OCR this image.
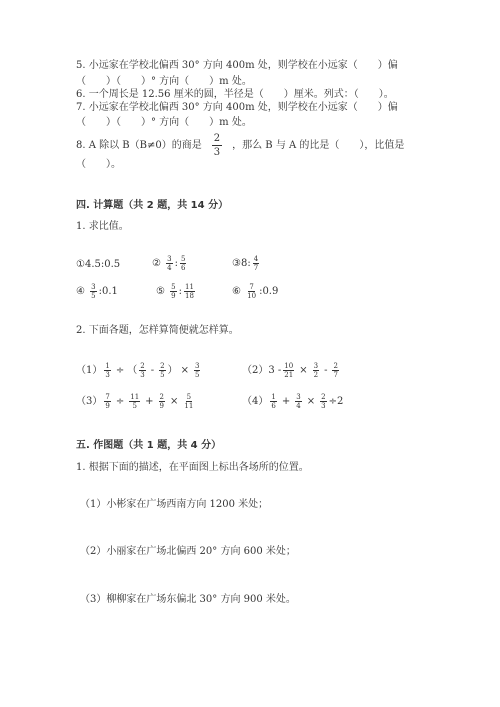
5. 小远家在学校北偏西 30° 方向 400m 处，则学校在小远家（　　）偏
（　　）（　　）° 方向（　　）m 处。
6. 一个周长是 12.56 厘米的圆，半径是（　　）厘米。列式：（　　）。
7. 小远家在学校北偏西 30° 方向 400m 处，则学校在小远家（　　）偏
（　　）（　　）° 方向（　　）m 处。
8. A 除以 B（B≠0）的商是 $\frac{2}{3}$ ，那么 B 与 A 的比是（　　），比值是
（　　）。
四. 计算题（共 2 题，共 14 分）
1. 求比值。
①4.5:0.5	② $\frac{3}{4}$ : $\frac{5}{6}$	③8: $\frac{4}{7}$
④ $\frac{3}{5}$ :0.1	⑤ $\frac{5}{9}$ : $\frac{11}{18}$	⑥ $\frac{7}{10}$ :0.9
2. 下面各题，怎样算简便就怎样算。
$(1) \frac{1}{3}$ ÷ （ $\frac{2}{3} - \frac{2}{5}$ ） × $\frac{3}{5}$	$(2)3 - \frac{10}{21} \times \frac{3}{2} - \frac{2}{7}$
$(3) \frac{7}{9} \div \frac{11}{5} + \frac{2}{9} \times \frac{5}{11}$	$(4) \frac{1}{6} + \frac{3}{4} \times \frac{2}{3} \div 2$
五. 作图题（共 1 题，共 4 分）
1. 根据下面的描述，在平面图上标出各场所的位置。
（1）小彬家在广场西南方向 1200 米处；
（2）小丽家在广场北偏西 20° 方向 600 米处；
（3）柳柳家在广场东偏北 30° 方向 900 米处。
